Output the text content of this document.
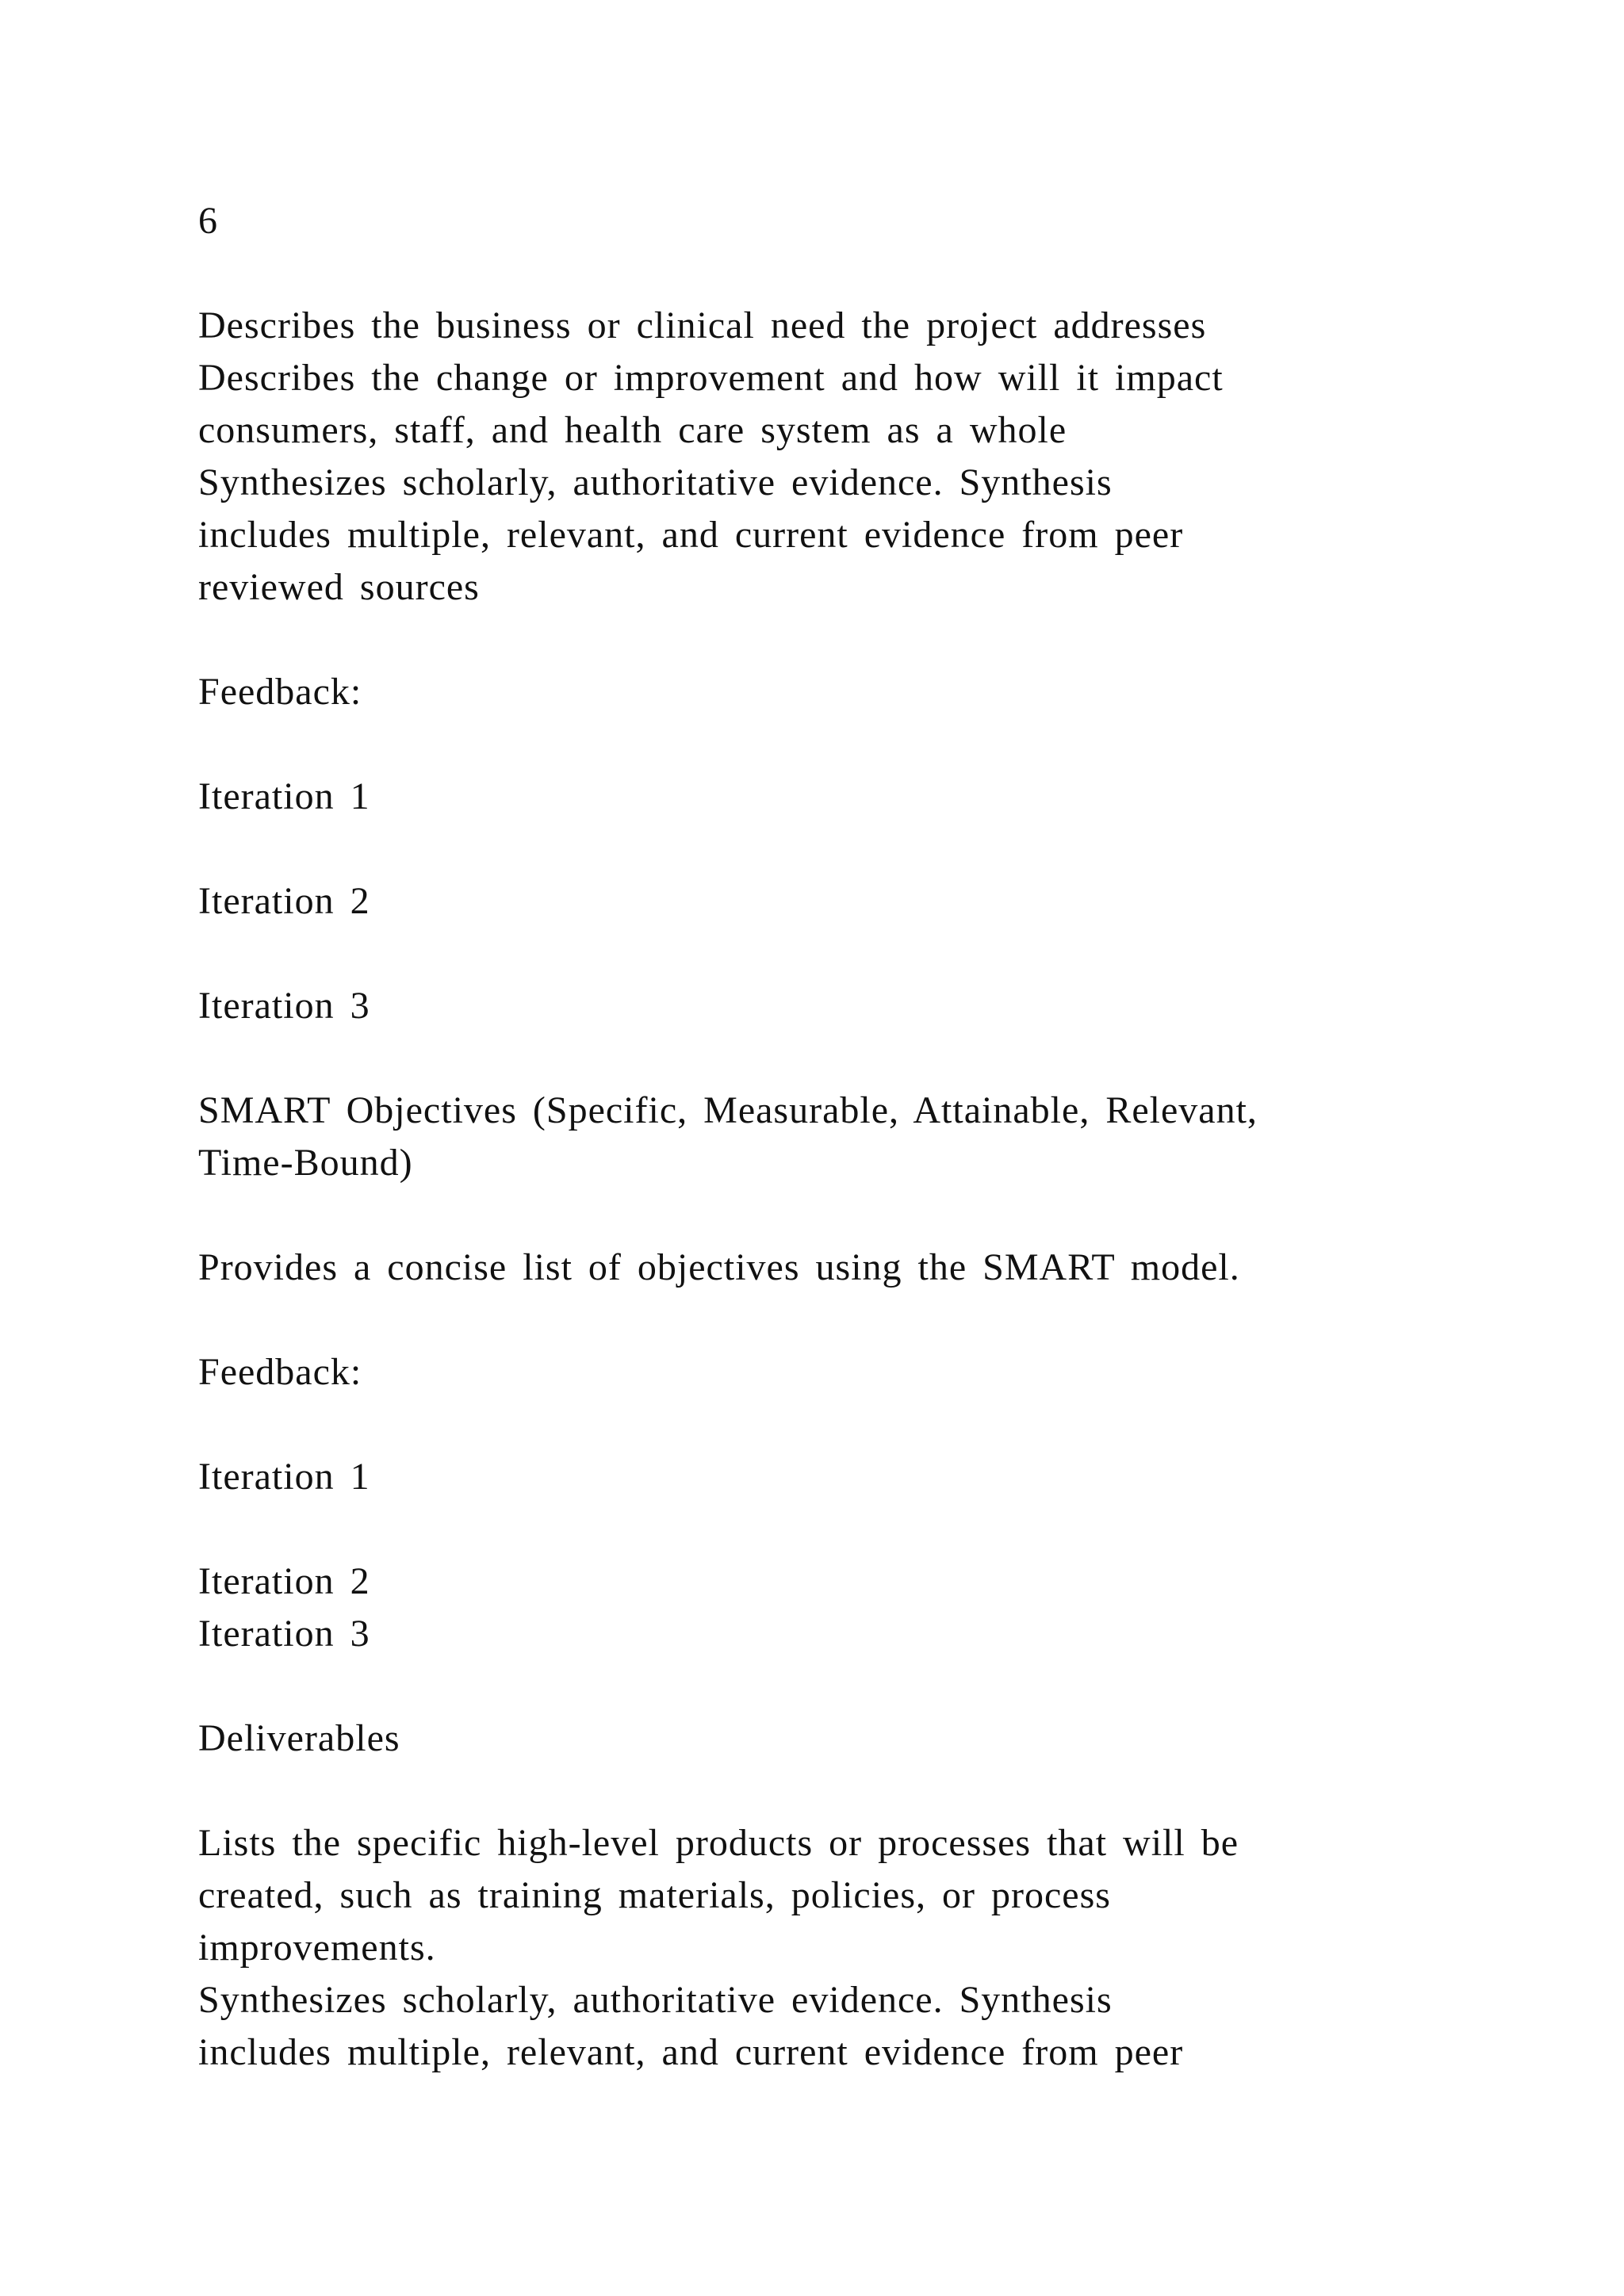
6
Describes the business or clinical need the project addresses
Describes the change or improvement and how will it impact
consumers, staff, and health care system as a whole
Synthesizes scholarly, authoritative evidence. Synthesis
includes multiple, relevant, and current evidence from peer
reviewed sources
Feedback:
Iteration 1
Iteration 2
Iteration 3
SMART Objectives (Specific, Measurable, Attainable, Relevant,
Time-Bound)
Provides a concise list of objectives using the SMART model.
Feedback:
Iteration 1
Iteration 2
Iteration 3
Deliverables
Lists the specific high-level products or processes that will be
created, such as training materials, policies, or process
improvements.
Synthesizes scholarly, authoritative evidence. Synthesis
includes multiple, relevant, and current evidence from peer
